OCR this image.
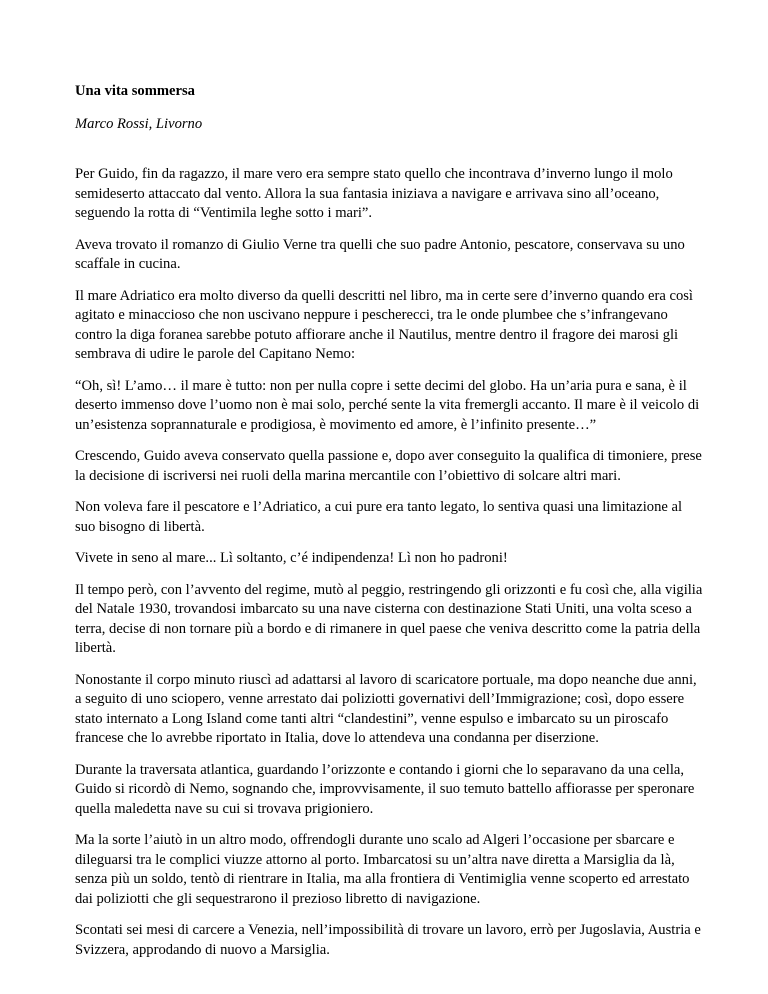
Una vita sommersa

Marco Rossi, Livorno

Per Guido, fin da ragazzo, il mare vero era sempre stato quello che incontrava d’inverno lungo il molo semideserto attaccato dal vento. Allora la sua fantasia iniziava a navigare e arrivava sino all’oceano, seguendo la rotta di “Ventimila leghe sotto i mari”.

Aveva trovato il romanzo di Giulio Verne tra quelli che suo padre Antonio, pescatore, conservava su uno scaffale in cucina.

Il mare Adriatico era molto diverso da quelli descritti nel libro, ma in certe sere d’inverno quando era così agitato e minaccioso che non uscivano neppure i pescherecci, tra le onde plumbee che s’infrangevano contro la diga foranea sarebbe potuto affiorare anche il Nautilus, mentre dentro il fragore dei marosi gli sembrava di udire le parole del Capitano Nemo:

“Oh, sì! L’amo… il mare è tutto: non per nulla copre i sette decimi del globo. Ha un’aria pura e sana, è il deserto immenso dove l’uomo non è mai solo, perché sente la vita fremergli accanto. Il mare è il veicolo di un’esistenza soprannaturale e prodigiosa, è movimento ed amore, è l’infinito presente…”

Crescendo, Guido aveva conservato quella passione e, dopo aver conseguito la qualifica di timoniere, prese la decisione di iscriversi nei ruoli della marina mercantile con l’obiettivo di solcare altri mari.

Non voleva fare il pescatore e l’Adriatico, a cui pure era tanto legato, lo sentiva quasi una limitazione al suo bisogno di libertà.

Vivete in seno al mare... Lì soltanto, c’é indipendenza! Lì non ho padroni!

Il tempo però, con l’avvento del regime, mutò al peggio, restringendo gli orizzonti e fu così che, alla vigilia del Natale 1930, trovandosi imbarcato su una nave cisterna con destinazione Stati Uniti, una volta sceso a terra, decise di non tornare più a bordo e di rimanere in quel paese che veniva descritto come la patria della libertà.

Nonostante il corpo minuto riuscì ad adattarsi al lavoro di scaricatore portuale, ma dopo neanche due anni, a seguito di uno sciopero, venne arrestato dai poliziotti governativi dell’Immigrazione; così, dopo essere stato internato a Long Island come tanti altri “clandestini”, venne espulso e imbarcato su un piroscafo francese che lo avrebbe riportato in Italia, dove lo attendeva una condanna per diserzione.

Durante la traversata atlantica, guardando l’orizzonte e contando i giorni che lo separavano da una cella, Guido si ricordò di Nemo, sognando che, improvvisamente, il suo temuto battello affiorasse per speronare quella maledetta nave su cui si trovava prigioniero.

Ma la sorte l’aiutò in un altro modo, offrendogli durante uno scalo ad Algeri l’occasione per sbarcare e dileguarsi tra le complici viuzze attorno al porto. Imbarcatosi su un’altra nave diretta a Marsiglia da là, senza più un soldo, tentò di rientrare in Italia, ma alla frontiera di Ventimiglia venne scoperto ed arrestato dai poliziotti che gli sequestrarono il prezioso libretto di navigazione.

Scontati sei mesi di carcere a Venezia, nell’impossibilità di trovare un lavoro, errò per Jugoslavia, Austria e Svizzera, approdando di nuovo a Marsiglia.
